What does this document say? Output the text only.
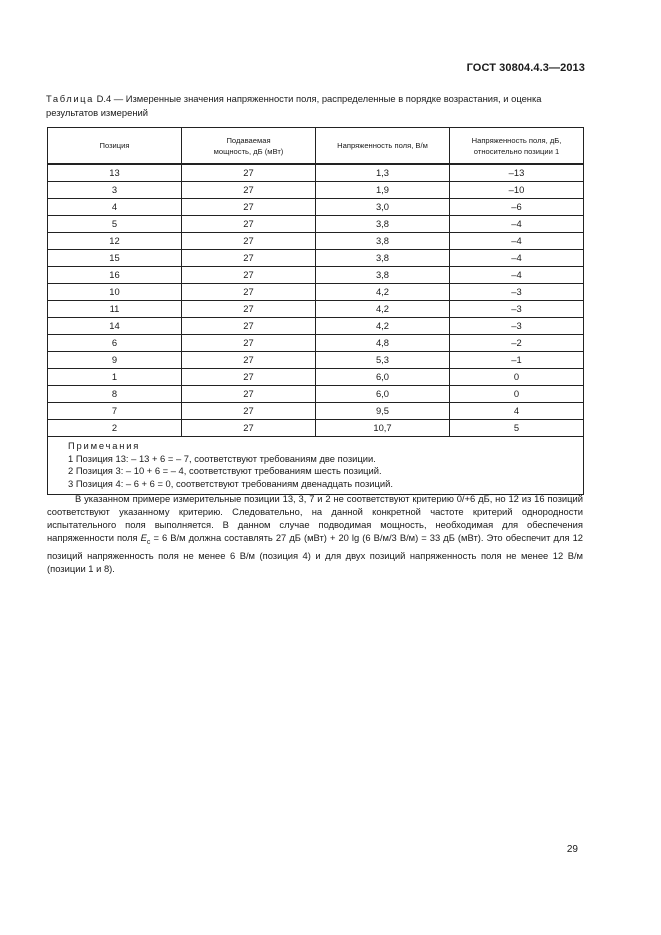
ГОСТ 30804.4.3—2013
Таблица D.4 — Измеренные значения напряженности поля, распределенные в порядке возрастания, и оценка результатов измерений
Позиция	Подаваемая мощность, дБ (мВт)	Напряженность поля, В/м	Напряженность поля, дБ, относительно позиции 1
13	27	1,3	–13
3	27	1,9	–10
4	27	3,0	–6
5	27	3,8	–4
12	27	3,8	–4
15	27	3,8	–4
16	27	3,8	–4
10	27	4,2	–3
11	27	4,2	–3
14	27	4,2	–3
6	27	4,8	–2
9	27	5,3	–1
1	27	6,0	0
8	27	6,0	0
7	27	9,5	4
2	27	10,7	5

Примечания
1 Позиция 13: – 13 + 6 = – 7, соответствуют требованиям две позиции.
2 Позиция 3: – 10 + 6 = – 4, соответствуют требованиям шесть позиций.
3 Позиция 4: – 6 + 6 = 0, соответствуют требованиям двенадцать позиций.			

В указанном примере измерительные позиции 13, 3, 7 и 2 не соответствуют критерию 0/+6 дБ, но 12 из 16 позиций соответствуют указанному критерию. Следовательно, на данной конкретной частоте критерий однородности испытательного поля выполняется. В данном случае подводимая мощность, необходимая для обеспечения напряженности поля $E_с = 6$ В/м должна составлять 27 дБ (мВт) + 20 lg (6 В/м/3 В/м) = 33 дБ (мВт). Это обеспечит для 12 позиций напряженность поля не менее 6 В/м (позиция 4) и для двух позиций напряженность поля не менее 12 В/м (позиции 1 и 8).

29
